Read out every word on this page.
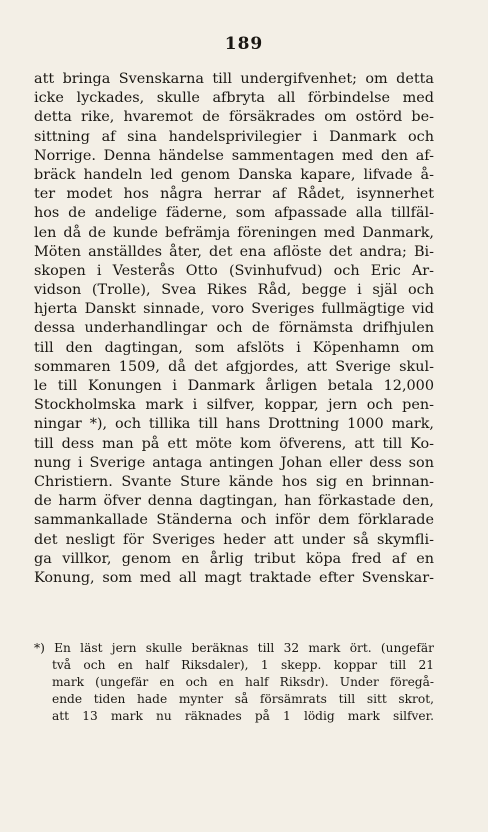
189
att bringa Svenskarna till undergifvenhet; om detta
icke lyckades, skulle afbryta all förbindelse med
detta rike, hvaremot de försäkrades om ostörd be-
sittning af sina handelsprivilegier i Danmark och
Norrige. Denna händelse sammentagen med den af-
bräck handeln led genom Danska kapare, lifvade å-
ter modet hos några herrar af Rådet, isynnerhet
hos de andelige fäderne, som afpassade alla tillfäl-
len då de kunde befrämja föreningen med Danmark,
Möten anställdes åter, det ena aflöste det andra; Bi-
skopen i Vesterås Otto (Svinhufvud) och Eric Ar-
vidson (Trolle), Svea Rikes Råd, begge i själ och
hjerta Danskt sinnade, voro Sveriges fullmägtige vid
dessa underhandlingar och de förnämsta drifhjulen
till den dagtingan, som afslöts i Köpenhamn om
sommaren 1509, då det afgjordes, att Sverige skul-
le till Konungen i Danmark årligen betala 12,000
Stockholmska mark i silfver, koppar, jern och pen-
ningar *), och tillika till hans Drottning 1000 mark,
till dess man på ett möte kom öfverens, att till Ko-
nung i Sverige antaga antingen Johan eller dess son
Christiern. Svante Sture kände hos sig en brinnan-
de harm öfver denna dagtingan, han förkastade den,
sammankallade Ständerna och inför dem förklarade
det nesligt för Sveriges heder att under så skymfli-
ga villkor, genom en årlig tribut köpa fred af en
Konung, som med all magt traktade efter Svenskar-
*) En läst jern skulle beräknas till 32 mark ört. (ungefär
två och en half Riksdaler), 1 skepp. koppar till 21
mark (ungefär en och en half Riksdr). Under föregå-
ende tiden hade mynter så försämrats till sitt skrot,
att 13 mark nu räknades på 1 lödig mark silfver.
